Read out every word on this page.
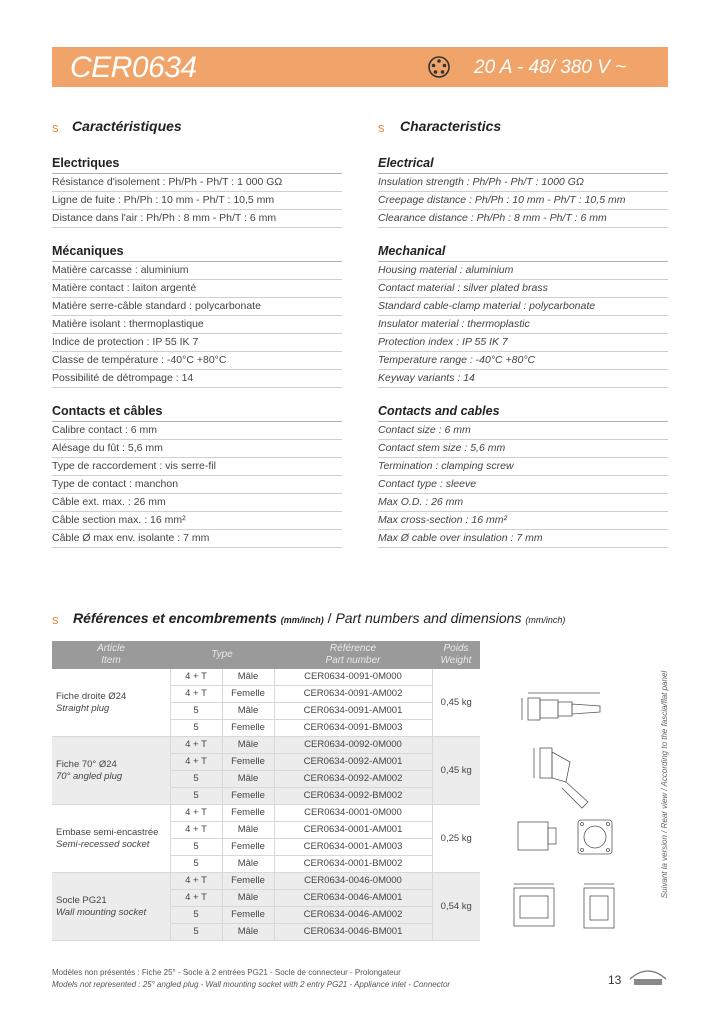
CER0634	20 A - 48/ 380 V ~
s Caractéristiques
Electriques
Résistance d'isolement : Ph/Ph - Ph/T : 1 000 GΩ
Ligne de fuite : Ph/Ph : 10 mm - Ph/T : 10,5 mm
Distance dans l'air : Ph/Ph : 8 mm - Ph/T : 6 mm
Mécaniques
Matière carcasse : aluminium
Matière contact : laiton argenté
Matière serre-câble standard : polycarbonate
Matière isolant : thermoplastique
Indice de protection : IP 55 IK 7
Classe de température : -40°C +80°C
Possibilité de détrompage : 14
Contacts et câbles
Calibre contact : 6 mm
Alésage du fût : 5,6 mm
Type de raccordement : vis serre-fil
Type de contact : manchon
Câble ext. max. : 26 mm
Câble section max. : 16 mm²
Câble Ø max env. isolante : 7 mm
s Characteristics
Electrical
Insulation strength : Ph/Ph - Ph/T : 1000 GΩ
Creepage distance : Ph/Ph : 10 mm - Ph/T : 10,5 mm
Clearance distance : Ph/Ph : 8 mm - Ph/T : 6 mm
Mechanical
Housing material : aluminium
Contact material : silver plated brass
Standard cable-clamp material : polycarbonate
Insulator material : thermoplastic
Protection index : IP 55 IK 7
Temperature range : -40°C +80°C
Keyway variants : 14
Contacts and cables
Contact size : 6 mm
Contact stem size : 5,6 mm
Termination : clamping screw
Contact type : sleeve
Max O.D. : 26 mm
Max cross-section : 16 mm²
Max Ø cable over insulation : 7 mm
s Références et encombrements (mm/inch) / Part numbers and dimensions (mm/inch)
Article
Item	Type		Référence
Part number	Poids
Weight
Fiche droite Ø24
Straight plug	4 + T	Mâle	CER0634-0091-0M000	0,45 kg
	4 + T	Femelle	CER0634-0091-AM002	
	5	Mâle	CER0634-0091-AM001	
	5	Femelle	CER0634-0091-BM003	
Fiche 70° Ø24
70° angled plug	4 + T	Mâle	CER0634-0092-0M000	0,45 kg
	4 + T	Femelle	CER0634-0092-AM001	
	5	Mâle	CER0634-0092-AM002	
	5	Femelle	CER0634-0092-BM002	
Embase semi-encastrée
Semi-recessed socket	4 + T	Femelle	CER0634-0001-0M000	0,25 kg
	4 + T	Mâle	CER0634-0001-AM001	
	5	Femelle	CER0634-0001-AM003	
	5	Mâle	CER0634-0001-BM002	
Socle PG21
Wall mounting socket	4 + T	Femelle	CER0634-0046-0M000	0,54 kg
	4 + T	Mâle	CER0634-0046-AM001	
	5	Femelle	CER0634-0046-AM002	
	5	Mâle	CER0634-0046-BM001	
Suivant la version / Rear view / According to the fascia/flat panel
Modèles non présentés : Fiche 25° - Socle à 2 entrées PG21 - Socle de connecteur - Prolongateur
Models not represented : 25° angled plug - Wall mounting socket with 2 entry PG21 - Appliance inlet - Connector	13
